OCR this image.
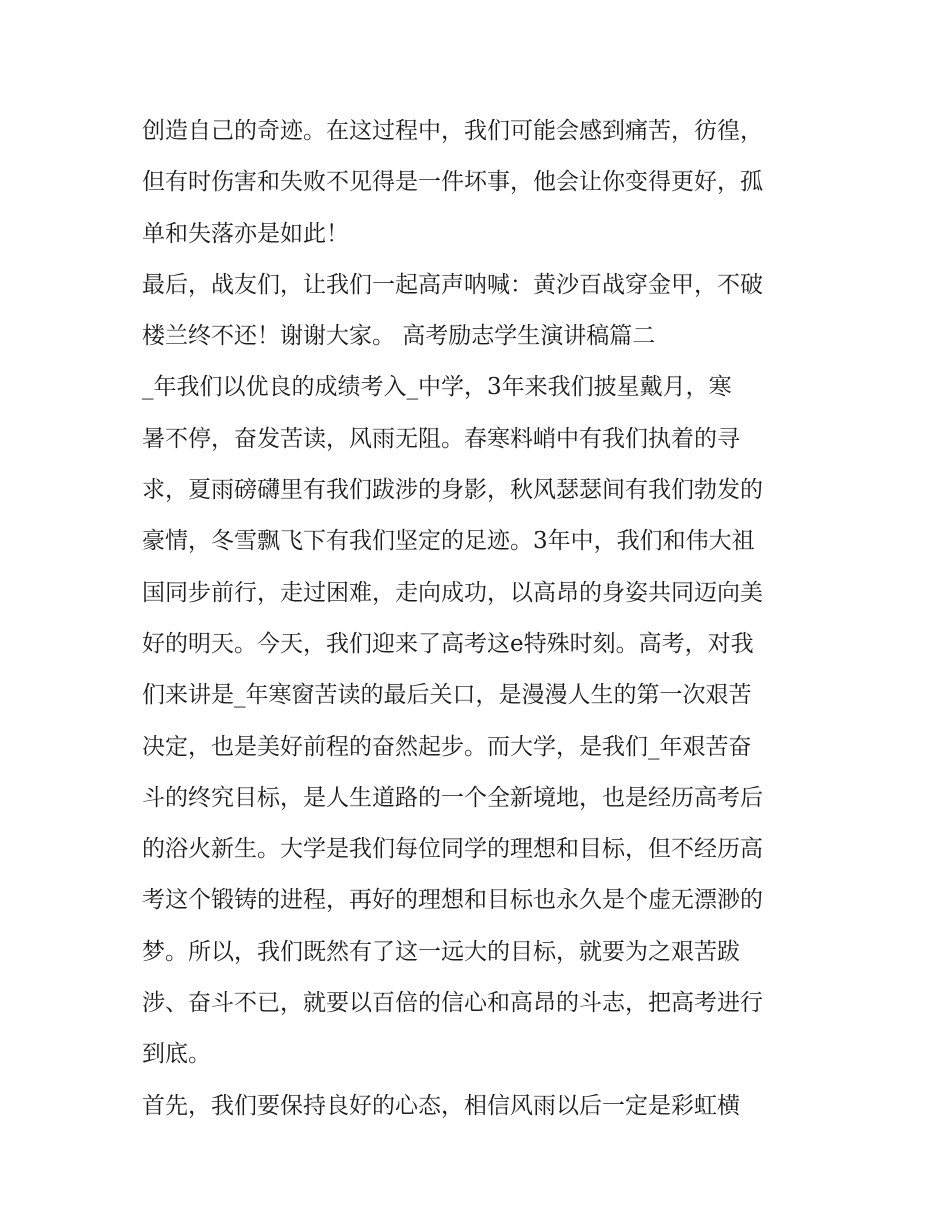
创造自己的奇迹。在这过程中，我们可能会感到痛苦，彷徨，
但有时伤害和失败不见得是一件坏事，他会让你变得更好，孤
单和失落亦是如此！
最后，战友们，让我们一起高声呐喊：黄沙百战穿金甲，不破
楼兰终不还！谢谢大家。 高考励志学生演讲稿篇二
_年我们以优良的成绩考入_中学，3年来我们披星戴月，寒
暑不停，奋发苦读，风雨无阻。春寒料峭中有我们执着的寻
求，夏雨磅礴里有我们跋涉的身影，秋风瑟瑟间有我们勃发的
豪情，冬雪飘飞下有我们坚定的足迹。3年中，我们和伟大祖
国同步前行，走过困难，走向成功，以高昂的身姿共同迈向美
好的明天。今天，我们迎来了高考这e特殊时刻。高考，对我
们来讲是_年寒窗苦读的最后关口，是漫漫人生的第一次艰苦
决定，也是美好前程的奋然起步。而大学，是我们_年艰苦奋
斗的终究目标，是人生道路的一个全新境地，也是经历高考后
的浴火新生。大学是我们每位同学的理想和目标，但不经历高
考这个锻铸的进程，再好的理想和目标也永久是个虚无漂渺的
梦。所以，我们既然有了这一远大的目标，就要为之艰苦跋
涉、奋斗不已，就要以百倍的信心和高昂的斗志，把高考进行
到底。
首先，我们要保持良好的心态，相信风雨以后一定是彩虹横
